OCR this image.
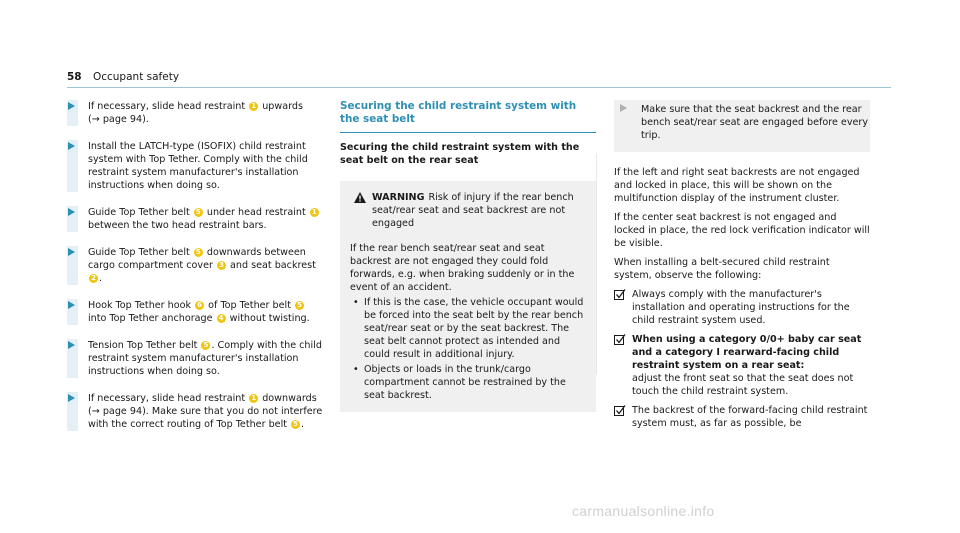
58 Occupant safety
If necessary, slide head restraint 1 upwards
(→ page 94).
Install the LATCH-type (ISOFIX) child restraint system with Top Tether. Comply with the child restraint system manufacturer's installation instructions when doing so.
Guide Top Tether belt 5 under head restraint 1 between the two head restraint bars.
Guide Top Tether belt 5 downwards between cargo compartment cover 3 and seat backrest 2 .
Hook Top Tether hook 6 of Top Tether belt 5 into Top Tether anchorage 4 without twisting.
Tension Top Tether belt 5 . Comply with the child restraint system manufacturer's installation instructions when doing so.
If necessary, slide head restraint 1 downwards (→ page 94). Make sure that you do not interfere with the correct routing of Top Tether belt 5 .
Securing the child restraint system with the seat belt
Securing the child restraint system with the seat belt on the rear seat
WARNING Risk of injury if the rear bench seat/rear seat and seat backrest are not engaged
If the rear bench seat/rear seat and seat backrest are not engaged they could fold forwards, e.g. when braking suddenly or in the event of an accident.
• If this is the case, the vehicle occupant would be forced into the seat belt by the rear bench seat/rear seat or by the seat backrest. The seat belt cannot protect as intended and could result in additional injury.
• Objects or loads in the trunk/cargo compartment cannot be restrained by the seat backrest.
Make sure that the seat backrest and the rear bench seat/rear seat are engaged before every trip.
If the left and right seat backrests are not engaged and locked in place, this will be shown on the multifunction display of the instrument cluster.
If the center seat backrest is not engaged and locked in place, the red lock verification indicator will be visible.
When installing a belt-secured child restraint system, observe the following:
Always comply with the manufacturer's installation and operating instructions for the child restraint system used.
When using a category 0/0+ baby car seat and a category I rearward-facing child restraint system on a rear seat:
adjust the front seat so that the seat does not touch the child restraint system.
The backrest of the forward-facing child restraint system must, as far as possible, be
carmanualsonline.info
